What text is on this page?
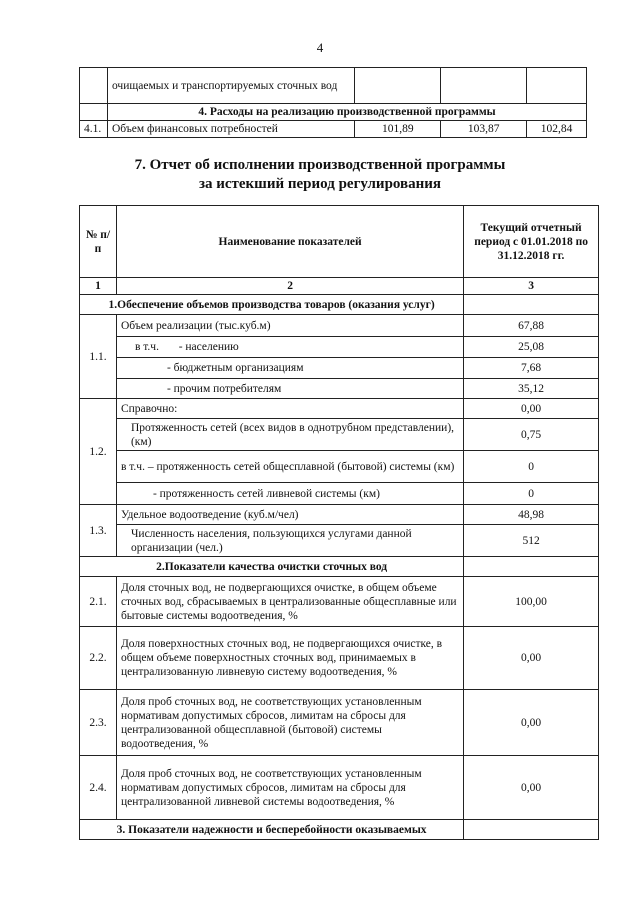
4
	очищаемых и транспортируемых сточных вод			
	4. Расходы на реализацию производственной программы			
4.1.	Объем финансовых потребностей	101,89	103,87	102,84
7. Отчет об исполнении производственной программы
за истекший период регулирования
№ п/п	Наименование показателей	Текущий отчетный период с 01.01.2018 по 31.12.2018 гг.
1	2	3
1.Обеспечение объемов производства товаров (оказания услуг)		
1.1.	Объем реализации (тыс.куб.м)	67,88
	в т.ч. - населению	25,08
	- бюджетным организациям	7,68
	- прочим потребителям	35,12
1.2.	Справочно:	0,00
	Протяженность сетей (всех видов в однотрубном представлении), (км)	0,75
	в т.ч. – протяженность сетей общесплавной (бытовой) системы (км)	0
	- протяженность сетей ливневой системы (км)	0
1.3.	Удельное водоотведение (куб.м/чел)	48,98
	Численность населения, пользующихся услугами данной организации (чел.)	512
2.Показатели качества очистки сточных вод		
2.1.	Доля сточных вод, не подвергающихся очистке, в общем объеме сточных вод, сбрасываемых в централизованные общесплавные или бытовые системы водоотведения, %	100,00
2.2.	Доля поверхностных сточных вод, не подвергающихся очистке, в общем объеме поверхностных сточных вод, принимаемых в централизованную ливневую систему водоотведения, %	0,00
2.3.	Доля проб сточных вод, не соответствующих установленным нормативам допустимых сбросов, лимитам на сбросы для централизованной общесплавной (бытовой) системы водоотведения, %	0,00
2.4.	Доля проб сточных вод, не соответствующих установленным нормативам допустимых сбросов, лимитам на сбросы для централизованной ливневой системы водоотведения, %	0,00
3. Показатели надежности и бесперебойности оказываемых		
